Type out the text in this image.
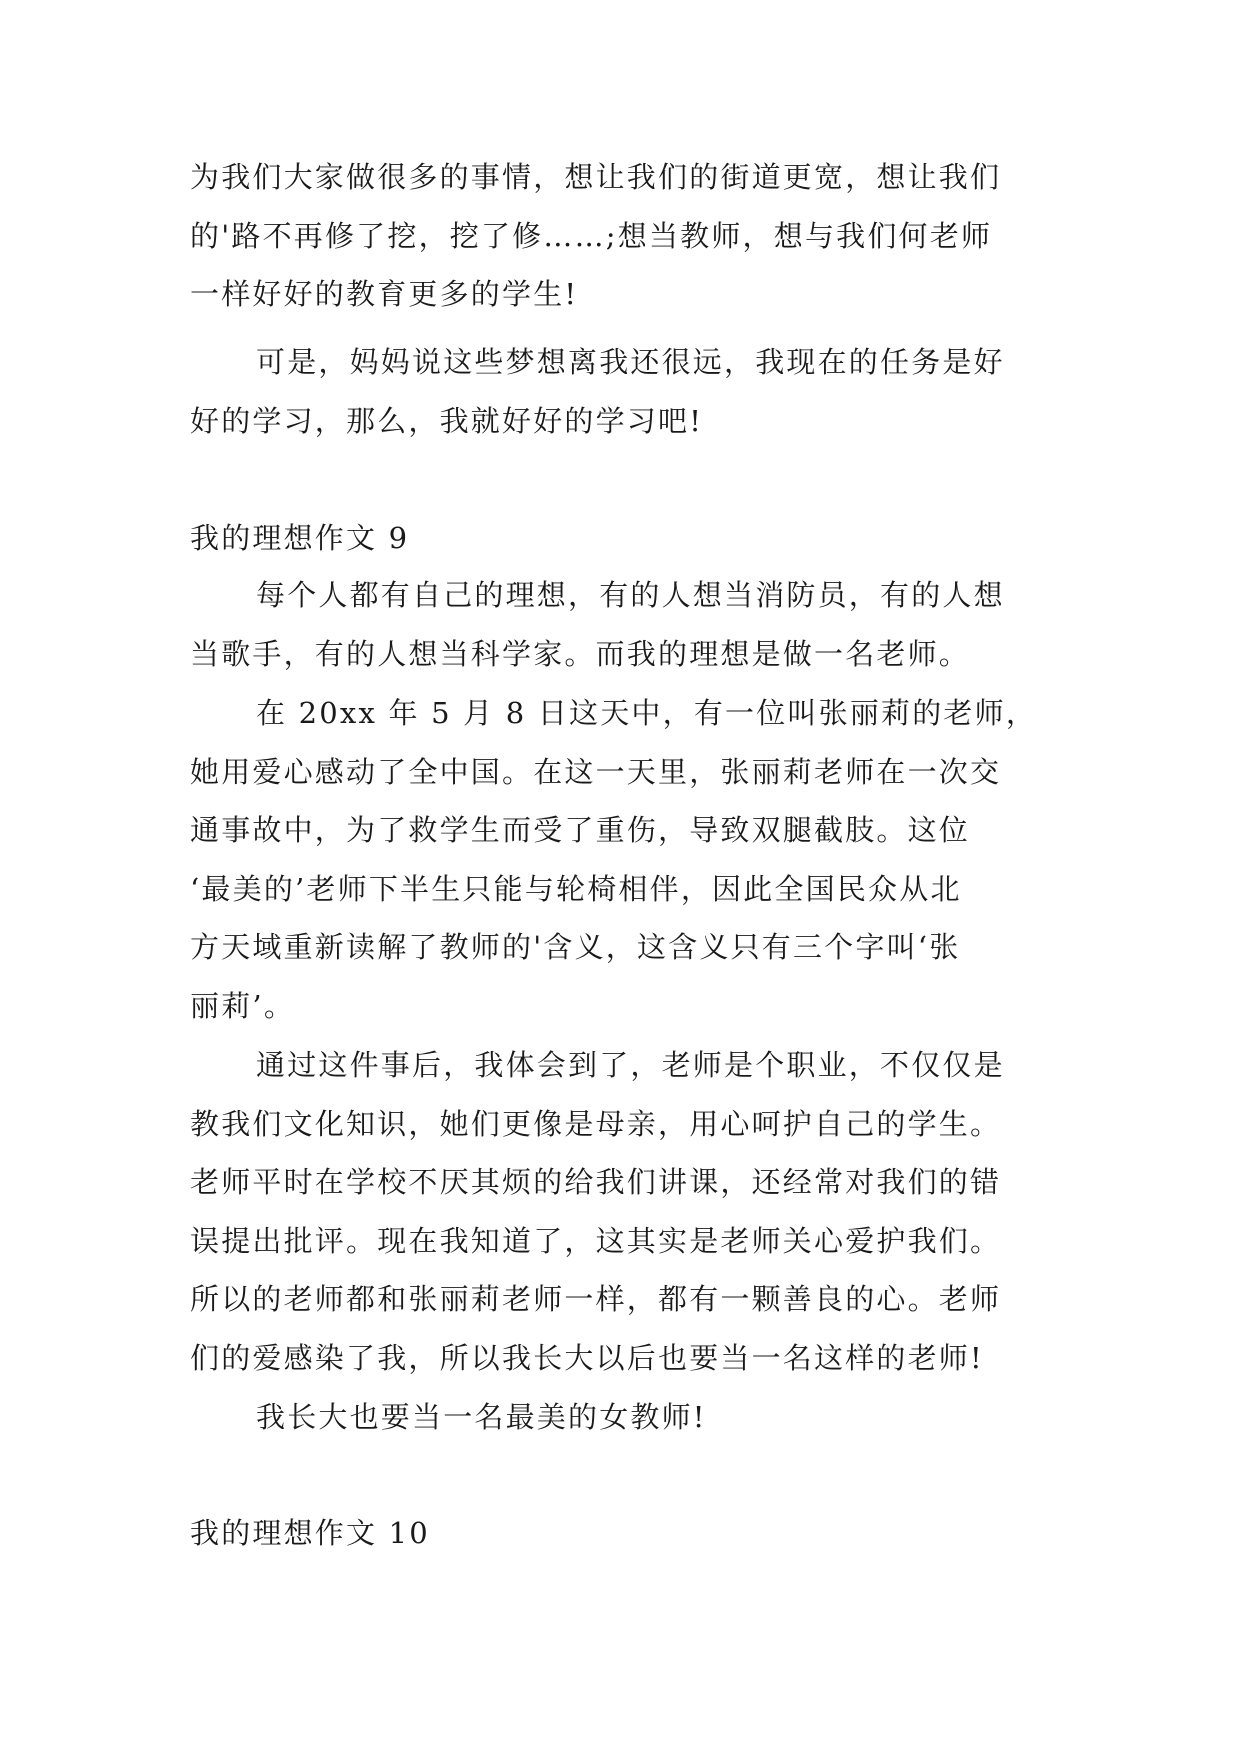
为我们大家做很多的事情，想让我们的街道更宽，想让我们
的'路不再修了挖，挖了修……;想当教师，想与我们何老师
一样好好的教育更多的学生!
可是，妈妈说这些梦想离我还很远，我现在的任务是好
好的学习，那么，我就好好的学习吧!
我的理想作文 9
每个人都有自己的理想，有的人想当消防员，有的人想
当歌手，有的人想当科学家。而我的理想是做一名老师。
在 20xx 年 5 月 8 日这天中，有一位叫张丽莉的老师，
她用爱心感动了全中国。在这一天里，张丽莉老师在一次交
通事故中，为了救学生而受了重伤，导致双腿截肢。这位
‘最美的’老师下半生只能与轮椅相伴，因此全国民众从北
方天域重新读解了教师的'含义，这含义只有三个字叫‘张
丽莉’。
通过这件事后，我体会到了，老师是个职业，不仅仅是
教我们文化知识，她们更像是母亲，用心呵护自己的学生。
老师平时在学校不厌其烦的给我们讲课，还经常对我们的错
误提出批评。现在我知道了，这其实是老师关心爱护我们。
所以的老师都和张丽莉老师一样，都有一颗善良的心。老师
们的爱感染了我，所以我长大以后也要当一名这样的老师!
我长大也要当一名最美的女教师!
我的理想作文 10
